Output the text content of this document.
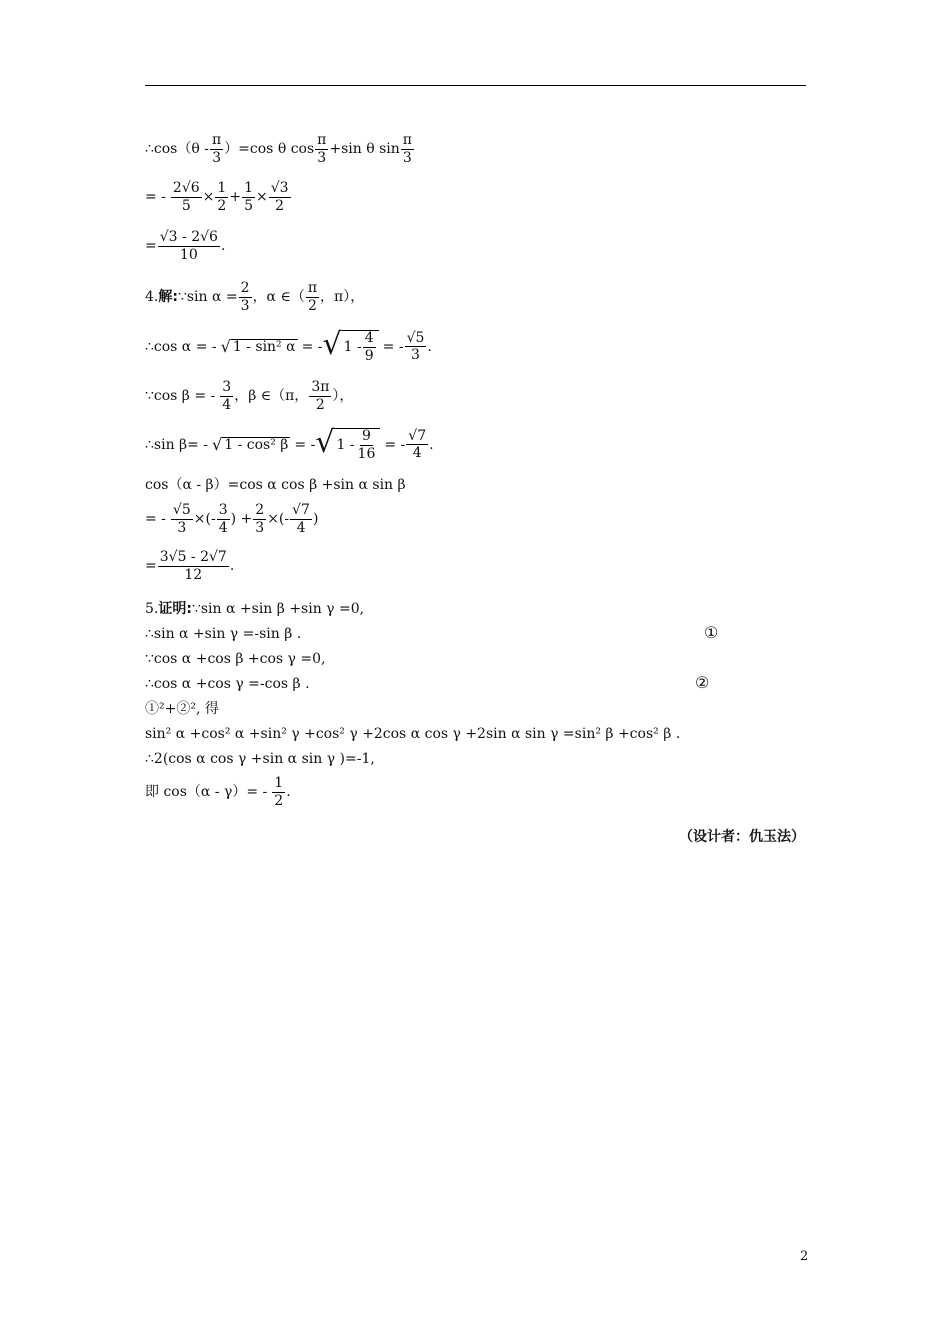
∴cos（θ - $\frac{\pi}{3} )=\cos$ θ $\cos \frac{\pi}{3} +\sin$ θ $\sin \frac{\pi}{3}$
= - $\frac{2√6}{5} \times \frac{1}{2} + \frac{1}{5} \times \frac{√3}{2}$
= $\frac{√3 - 2√6}{10}$ .
4. 解: ∵sin $\alpha = \frac{2}{3}$ ，α ∈（ $\frac{\pi}{2}$ ，π），
∴cos α = - √ 1 - sin² α = - √ $1 - \frac{4}{9}$ = - $\frac{√5}{3}$ .
∵cos β = - $\frac{3}{4}$ ，β ∈（π， $\frac{3\pi}{2}$ ），
∴sin β= - √ 1 - cos² β = - √ $1 - \frac{9}{16}$ = - $\frac{√7}{4}$ .
cos（α - β）=cos α cos β +sin α sin β
= - $\frac{√5}{3}$ ×(- $\frac{3}{4}$ ) + $\frac{2}{3}$ ×(- $\frac{√7}{4}$ )
= $\frac{3√5 - 2√7}{12}$ .
5. 证明: ∵sin α +sin β +sin γ =0,
∴sin α +sin γ =-sin β .	①
∵cos α +cos β +cos γ =0,
∴cos α +cos γ =-cos β .	②
①²+②², 得
sin² α +cos² α +sin² γ +cos² γ +2cos α cos γ +2sin α sin γ =sin² β +cos² β .
∴2(cos α cos γ +sin α sin γ )=-1,
即 $\cos(\alpha - \gamma)= - \frac{1}{2}$ .
（设计者：仇玉法）
2
